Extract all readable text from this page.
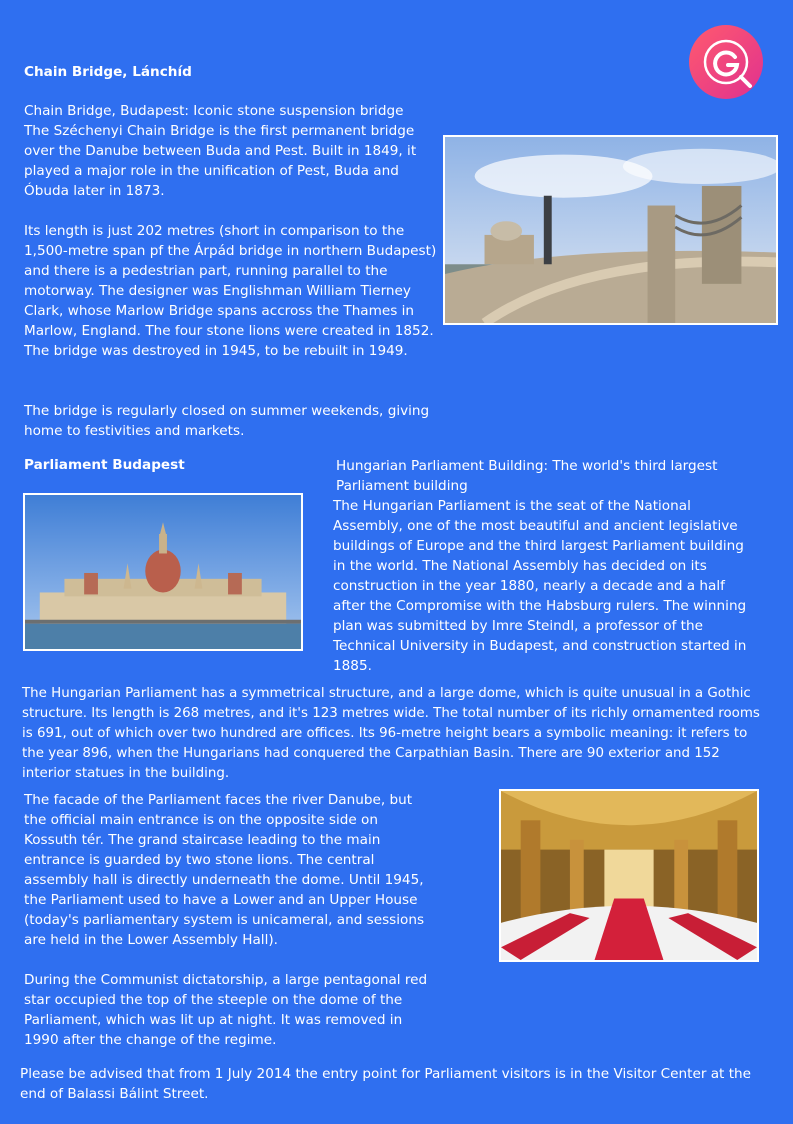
Chain Bridge, Lánchíd

Chain Bridge, Budapest: Iconic stone suspension bridge The Széchenyi Chain Bridge is the first permanent bridge over the Danube between Buda and Pest. Built in 1849, it played a major role in the unification of Pest, Buda and Óbuda later in 1873.

Its length is just 202 metres (short in comparison to the 1,500-metre span pf the Árpád bridge in northern Budapest) and there is a pedestrian part, running parallel to the motorway. The designer was Englishman William Tierney Clark, whose Marlow Bridge spans accross the Thames in Marlow, England. The four stone lions were created in 1852. The bridge was destroyed in 1945, to be rebuilt in 1949.

The bridge is regularly closed on summer weekends, giving home to festivities and markets.

Parliament Budapest	Hungarian Parliament Building: The world's third largest Parliament building

The Hungarian Parliament is the seat of the National Assembly, one of the most beautiful and ancient legislative buildings of Europe and the third largest Parliament building in the world. The National Assembly has decided on its construction in the year 1880, nearly a decade and a half after the Compromise with the Habsburg rulers. The winning plan was submitted by Imre Steindl, a professor of the Technical University in Budapest, and construction started in 1885.

The Hungarian Parliament has a symmetrical structure, and a large dome, which is quite unusual in a Gothic structure. Its length is 268 metres, and it's 123 metres wide. The total number of its richly ornamented rooms is 691, out of which over two hundred are offices. Its 96-metre height bears a symbolic meaning: it refers to the year 896, when the Hungarians had conquered the Carpathian Basin. There are 90 exterior and 152 interior statues in the building.

The facade of the Parliament faces the river Danube, but the official main entrance is on the opposite side on Kossuth tér. The grand staircase leading to the main entrance is guarded by two stone lions. The central assembly hall is directly underneath the dome. Until 1945, the Parliament used to have a Lower and an Upper House (today's parliamentary system is unicameral, and sessions are held in the Lower Assembly Hall).

During the Communist dictatorship, a large pentagonal red star occupied the top of the steeple on the dome of the Parliament, which was lit up at night. It was removed in 1990 after the change of the regime.

Please be advised that from 1 July 2014 the entry point for Parliament visitors is in the Visitor Center at the end of Balassi Bálint Street.
